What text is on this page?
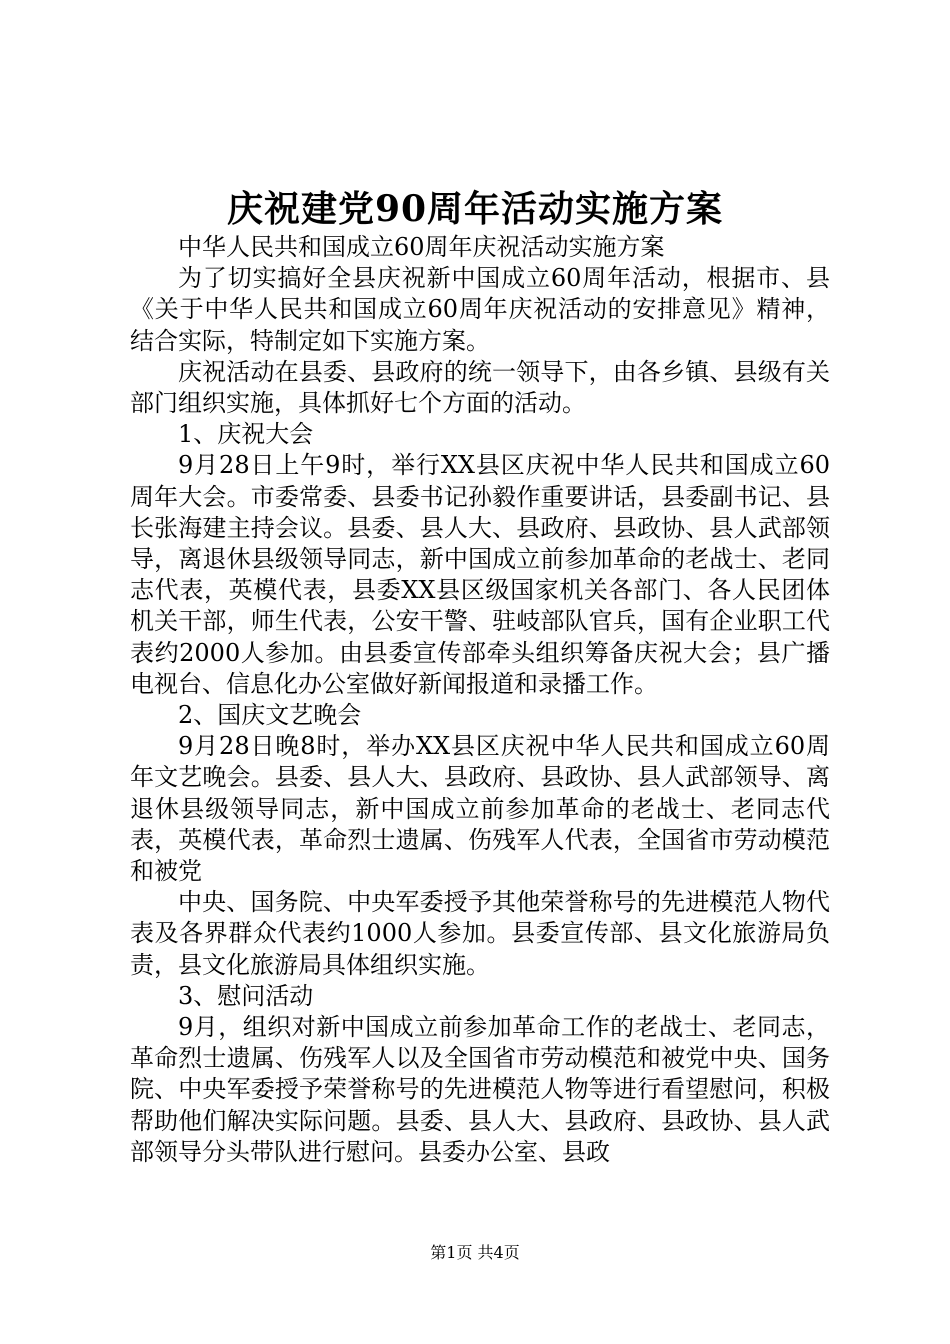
庆祝建党90周年活动实施方案

中华人民共和国成立60周年庆祝活动实施方案

为了切实搞好全县庆祝新中国成立60周年活动，根据市、县《关于中华人民共和国成立60周年庆祝活动的安排意见》精神，结合实际，特制定如下实施方案。

庆祝活动在县委、县政府的统一领导下，由各乡镇、县级有关部门组织实施，具体抓好七个方面的活动。

1、庆祝大会

9月28日上午9时，举行XX县区庆祝中华人民共和国成立60周年大会。市委常委、县委书记孙毅作重要讲话，县委副书记、县长张海建主持会议。县委、县人大、县政府、县政协、县人武部领导，离退休县级领导同志，新中国成立前参加革命的老战士、老同志代表，英模代表，县委XX县区级国家机关各部门、各人民团体机关干部，师生代表，公安干警、驻岐部队官兵，国有企业职工代表约2000人参加。由县委宣传部牵头组织筹备庆祝大会；县广播电视台、信息化办公室做好新闻报道和录播工作。

2、国庆文艺晚会

9月28日晚8时，举办XX县区庆祝中华人民共和国成立60周年文艺晚会。县委、县人大、县政府、县政协、县人武部领导、离退休县级领导同志，新中国成立前参加革命的老战士、老同志代表，英模代表，革命烈士遗属、伤残军人代表，全国省市劳动模范和被党

中央、国务院、中央军委授予其他荣誉称号的先进模范人物代表及各界群众代表约1000人参加。县委宣传部、县文化旅游局负责，县文化旅游局具体组织实施。

3、慰问活动

9月，组织对新中国成立前参加革命工作的老战士、老同志，革命烈士遗属、伤残军人以及全国省市劳动模范和被党中央、国务院、中央军委授予荣誉称号的先进模范人物等进行看望慰问，积极帮助他们解决实际问题。县委、县人大、县政府、县政协、县人武部领导分头带队进行慰问。县委办公室、县政

第1页 共4页
